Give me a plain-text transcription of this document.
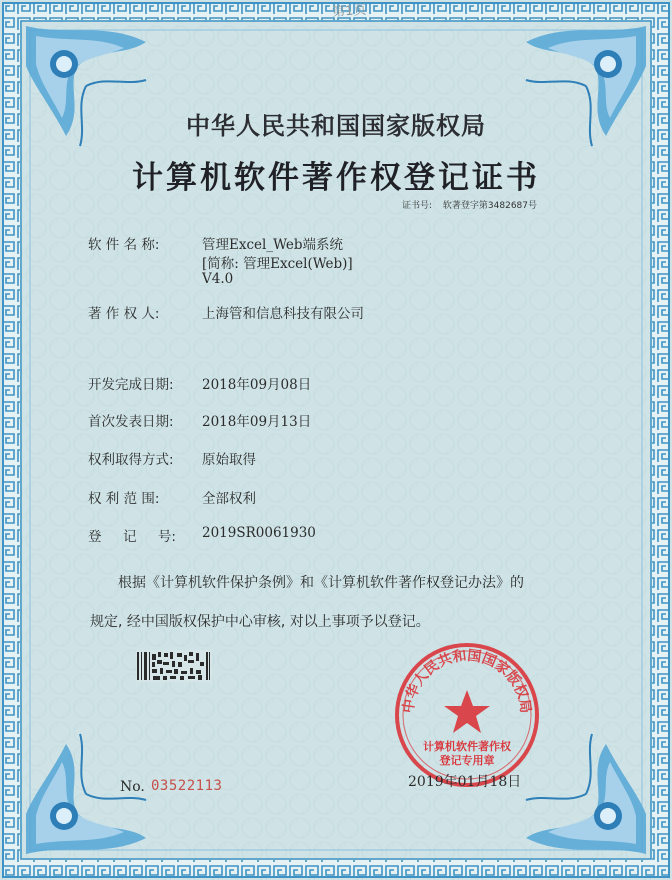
第1页
中华人民共和国国家版权局
计算机软件著作权登记证书
证书号: 软著登字第3482687号
软 件 名 称:	管理Excel_Web端系统
[简称: 管理Excel(Web)]
V4.0
著 作 权 人:	上海管和信息科技有限公司
开发完成日期: 2018年09月08日
首次发表日期: 2018年09月13日
权利取得方式: 原始取得
权 利 范 围:	全部权利
登     记     号: 2019SR0061930
根据《计算机软件保护条例》和《计算机软件著作权登记办法》的
规定, 经中国版权保护中心审核, 对以上事项予以登记。
No. 03522113
中华人民共和国国家版权局
计算机软件著作权
登记专用章
2019年01月18日
